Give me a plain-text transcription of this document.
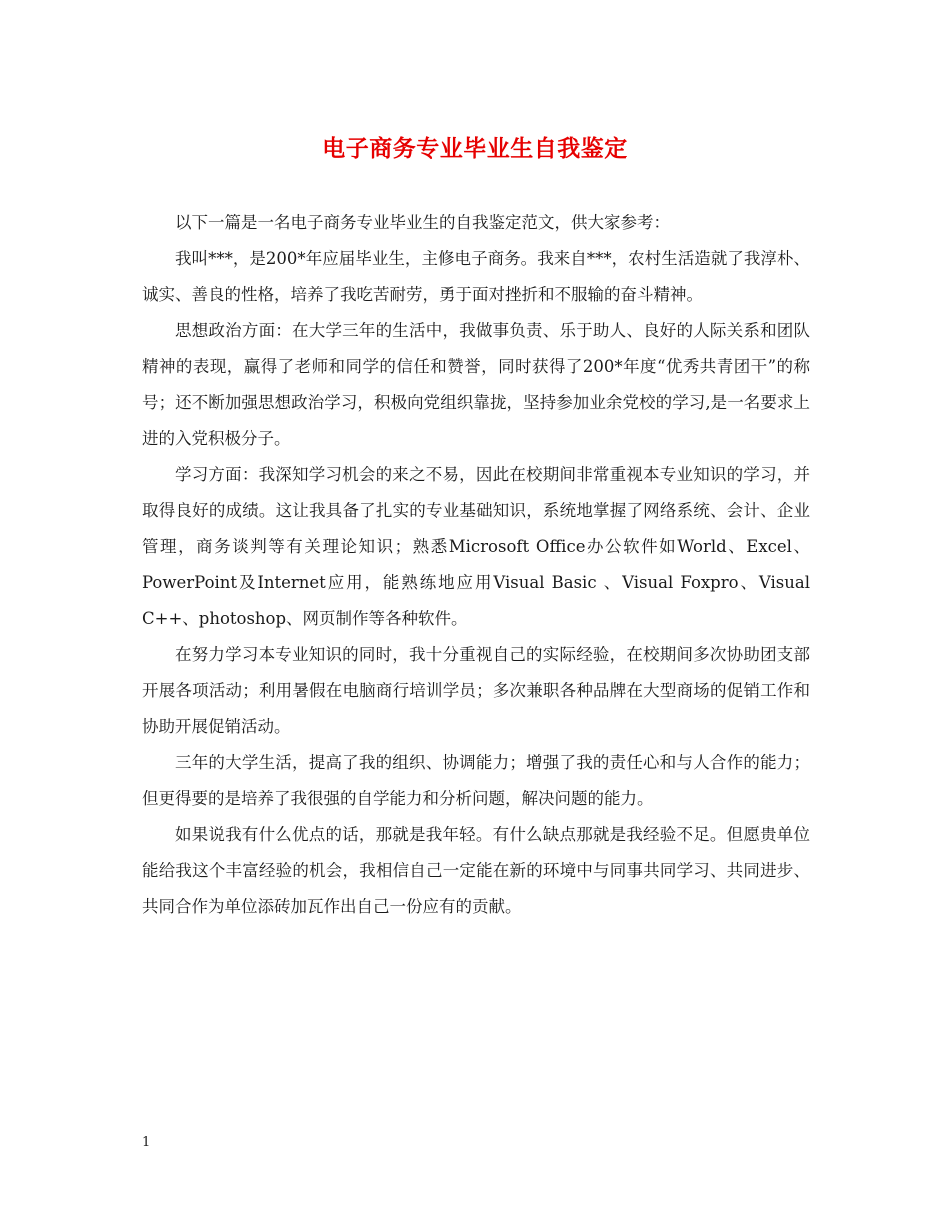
电子商务专业毕业生自我鉴定

以下一篇是一名电子商务专业毕业生的自我鉴定范文，供大家参考：

我叫***，是200*年应届毕业生，主修电子商务。我来自***，农村生活造就了我淳朴、诚实、善良的性格，培养了我吃苦耐劳，勇于面对挫折和不服输的奋斗精神。

思想政治方面：在大学三年的生活中，我做事负责、乐于助人、良好的人际关系和团队精神的表现，赢得了老师和同学的信任和赞誉，同时获得了200*年度“优秀共青团干”的称号；还不断加强思想政治学习，积极向党组织靠拢，坚持参加业余党校的学习,是一名要求上进的入党积极分子。

学习方面：我深知学习机会的来之不易，因此在校期间非常重视本专业知识的学习，并取得良好的成绩。这让我具备了扎实的专业基础知识，系统地掌握了网络系统、会计、企业管理，商务谈判等有关理论知识；熟悉Microsoft Office办公软件如World、Excel、PowerPoint及Internet应用，能熟练地应用Visual Basic 、Visual Foxpro、Visual C++、photoshop、网页制作等各种软件。

在努力学习本专业知识的同时，我十分重视自己的实际经验，在校期间多次协助团支部开展各项活动；利用暑假在电脑商行培训学员；多次兼职各种品牌在大型商场的促销工作和协助开展促销活动。

三年的大学生活，提高了我的组织、协调能力；增强了我的责任心和与人合作的能力；但更得要的是培养了我很强的自学能力和分析问题，解决问题的能力。

如果说我有什么优点的话，那就是我年轻。有什么缺点那就是我经验不足。但愿贵单位能给我这个丰富经验的机会，我相信自己一定能在新的环境中与同事共同学习、共同进步、共同合作为单位添砖加瓦作出自己一份应有的贡献。

1
